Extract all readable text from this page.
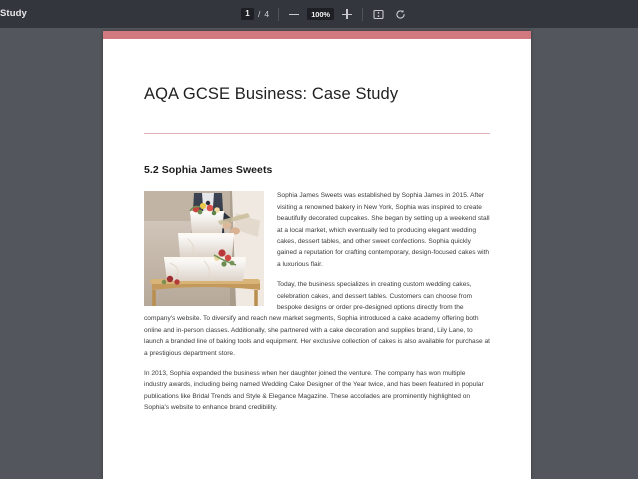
Study	1 / 4	100%
AQA GCSE Business: Case Study
5.2 Sophia James Sweets

Sophia James Sweets was established by Sophia James in 2015. After visiting a renowned bakery in New York, Sophia was inspired to create beautifully decorated cupcakes. She began by setting up a weekend stall at a local market, which eventually led to producing elegant wedding cakes, dessert tables, and other sweet confections. Sophia quickly gained a reputation for crafting contemporary, design-focused cakes with a luxurious flair.

Today, the business specializes in creating custom wedding cakes, celebration cakes, and dessert tables. Customers can choose from bespoke designs or order pre-designed options directly from the company's website. To diversify and reach new market segments, Sophia introduced a cake academy offering both online and in-person classes. Additionally, she partnered with a cake decoration and supplies brand, Lily Lane, to launch a branded line of baking tools and equipment. Her exclusive collection of cakes is also available for purchase at a prestigious department store.

In 2013, Sophia expanded the business when her daughter joined the venture. The company has won multiple industry awards, including being named Wedding Cake Designer of the Year twice, and has been featured in popular publications like Bridal Trends and Style & Elegance Magazine. These accolades are prominently highlighted on Sophia's website to enhance brand credibility.
